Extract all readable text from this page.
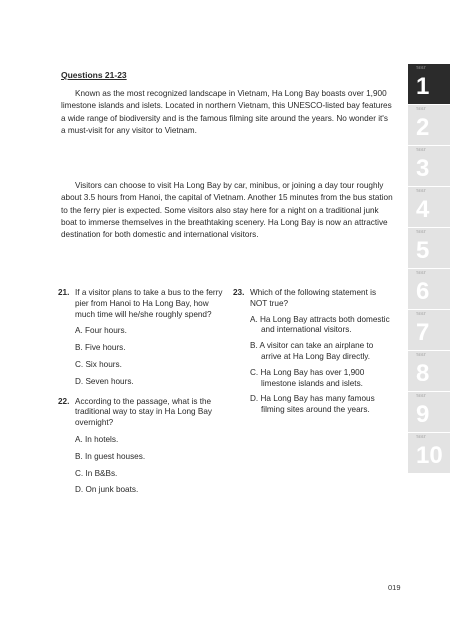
Questions 21-23

Known as the most recognized landscape in Vietnam, Ha Long Bay boasts over 1,900 limestone islands and islets. Located in northern Vietnam, this UNESCO-listed bay features a wide range of biodiversity and is the famous filming site around the years. No wonder it's a must-visit for any visitor to Vietnam.

Visitors can choose to visit Ha Long Bay by car, minibus, or joining a day tour roughly about 3.5 hours from Hanoi, the capital of Vietnam. Another 15 minutes from the bus station to the ferry pier is expected. Some visitors also stay here for a night on a traditional junk boat to immerse themselves in the breathtaking scenery. Ha Long Bay is now an attractive destination for both domestic and international visitors.

21. If a visitor plans to take a bus to the ferry pier from Hanoi to Ha Long Bay, how much time will he/she roughly spend?
A. Four hours.
B. Five hours.
C. Six hours.
D. Seven hours.
22. According to the passage, what is the traditional way to stay in Ha Long Bay overnight?
A. In hotels.
B. In guest houses.
C. In B&Bs.
D. On junk boats.
23. Which of the following statement is NOT true?
A. Ha Long Bay attracts both domestic and international visitors.
B. A visitor can take an airplane to arrive at Ha Long Bay directly.
C. Ha Long Bay has over 1,900 limestone islands and islets.
D. Ha Long Bay has many famous filming sites around the years.
TEST
1
TEST
2
TEST
3
TEST
4
TEST
5
TEST
6
TEST
7
TEST
8
TEST
9
TEST
10
019
